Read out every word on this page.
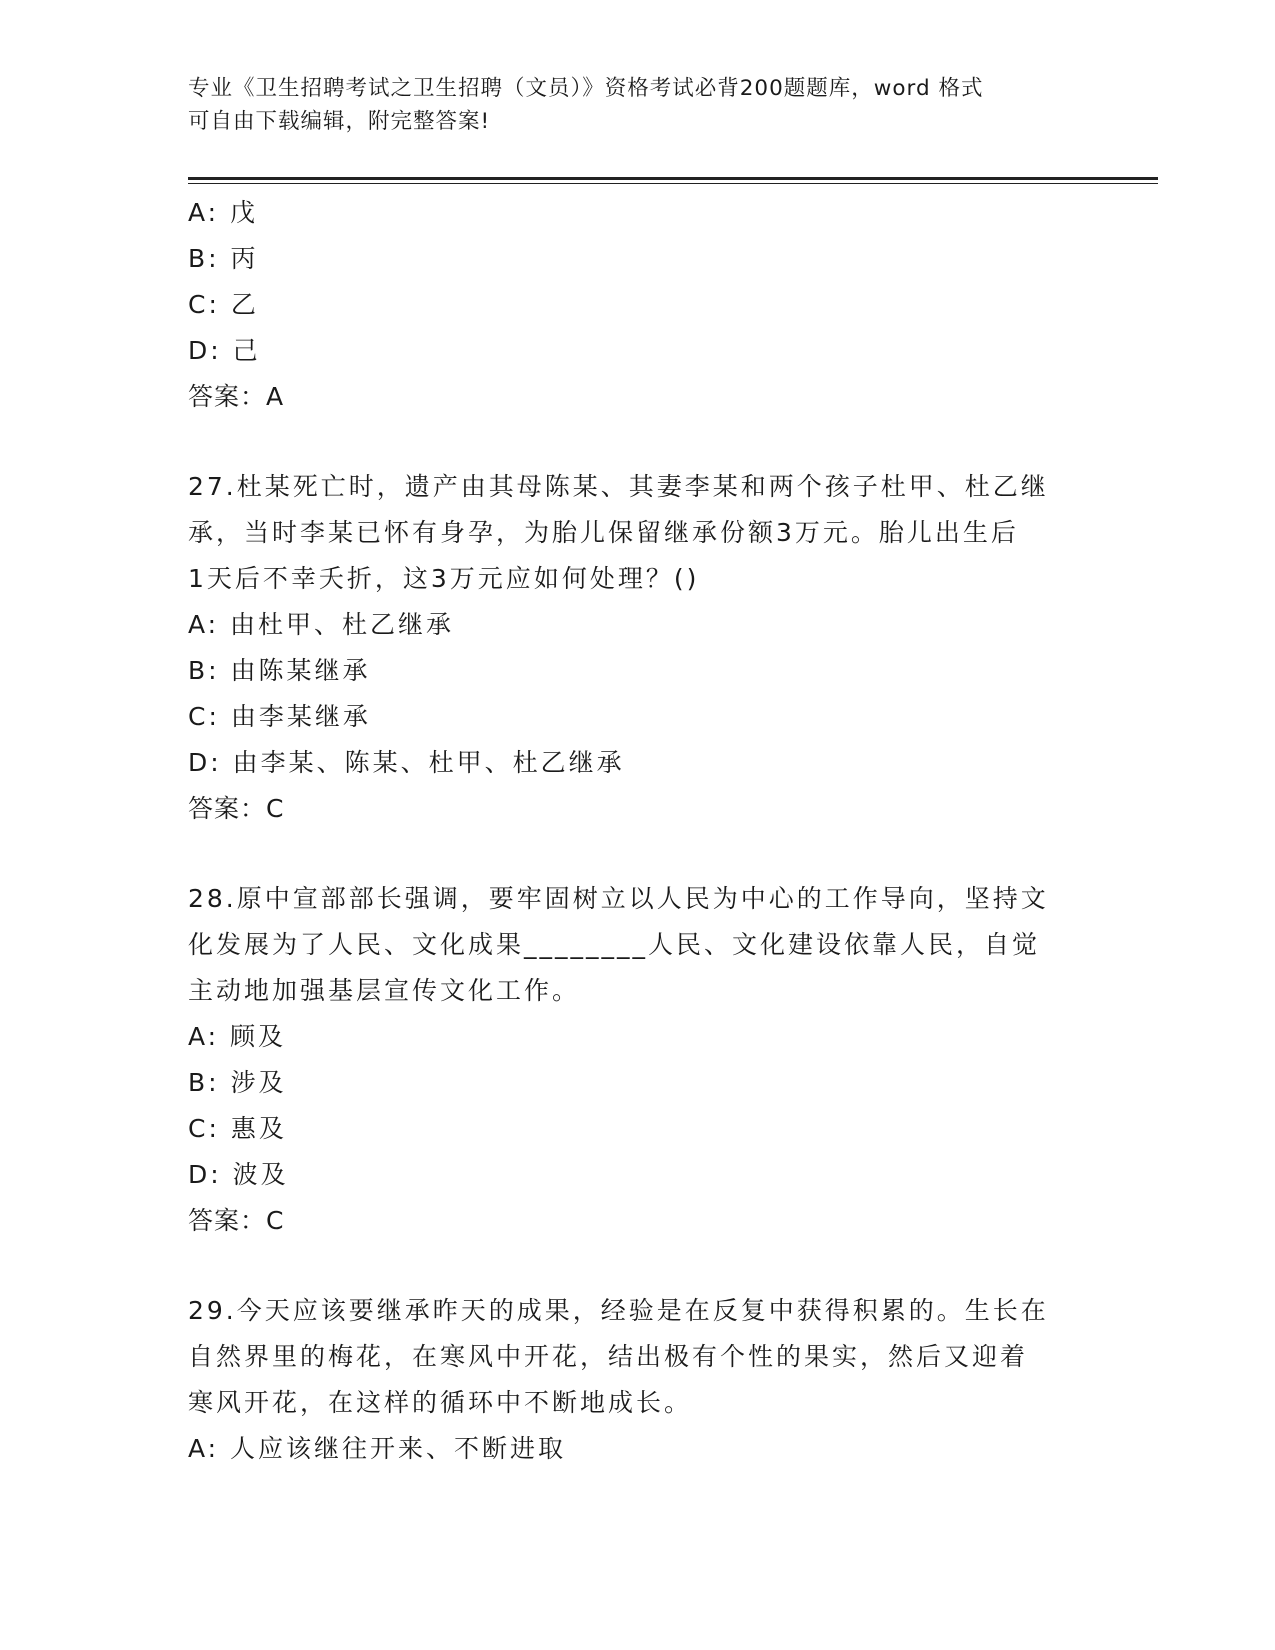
专业《卫生招聘考试之卫生招聘（文员）》资格考试必背200题题库，word 格式
可自由下载编辑，附完整答案!
A: 戊
B: 丙
C: 乙
D: 己
答案：A
27.杜某死亡时，遗产由其母陈某、其妻李某和两个孩子杜甲、杜乙继
承，当时李某已怀有身孕，为胎儿保留继承份额3万元。胎儿出生后
1天后不幸夭折，这3万元应如何处理？()
A: 由杜甲、杜乙继承
B: 由陈某继承
C: 由李某继承
D: 由李某、陈某、杜甲、杜乙继承
答案：C
28.原中宣部部长强调，要牢固树立以人民为中心的工作导向，坚持文
化发展为了人民、文化成果________人民、文化建设依靠人民，自觉
主动地加强基层宣传文化工作。
A: 顾及
B: 涉及
C: 惠及
D: 波及
答案：C
29.今天应该要继承昨天的成果，经验是在反复中获得积累的。生长在
自然界里的梅花，在寒风中开花，结出极有个性的果实，然后又迎着
寒风开花，在这样的循环中不断地成长。
A: 人应该继往开来、不断进取
